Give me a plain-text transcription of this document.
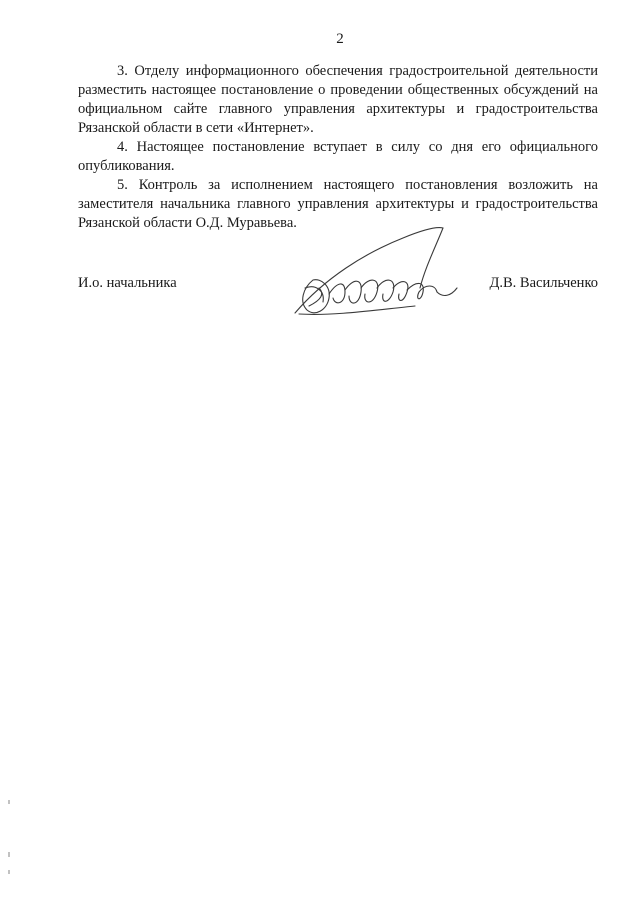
2

3. Отделу информационного обеспечения градостроительной деятельности разместить настоящее постановление о проведении общественных обсуждений на официальном сайте главного управления архитектуры и градостроительства Рязанской области в сети «Интернет».

4. Настоящее постановление вступает в силу со дня его официального опубликования.

5. Контроль за исполнением настоящего постановления возложить на заместителя начальника главного управления архитектуры и градостроительства Рязанской области О.Д. Муравьева.

И.о. начальника	Д.В. Васильченко
